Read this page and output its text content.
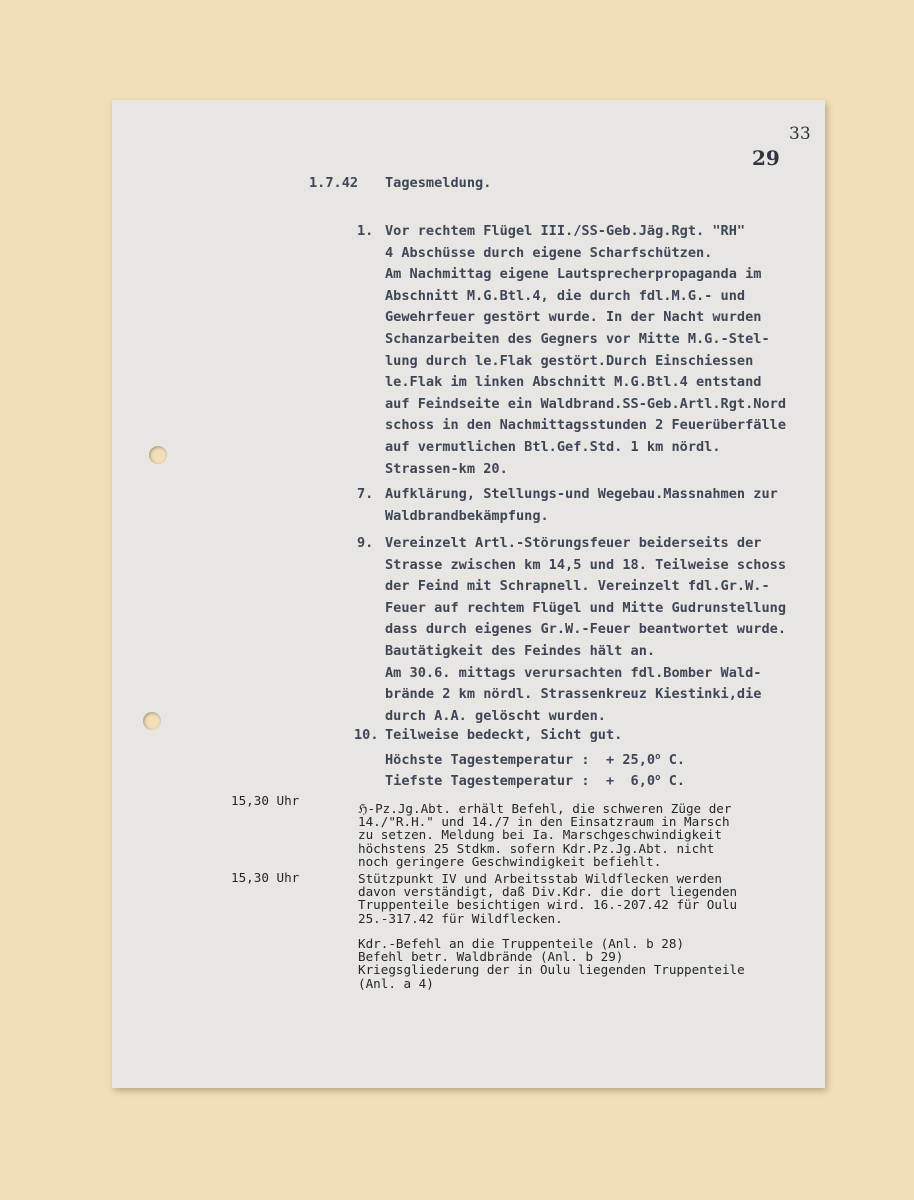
33
29
1.7.42 Tagesmeldung.
1. Vor rechtem Flügel III./SS-Geb.Jäg.Rgt. "RH"
4 Abschüsse durch eigene Scharfschützen.
Am Nachmittag eigene Lautsprecherpropaganda im
Abschnitt M.G.Btl.4, die durch fdl.M.G.- und
Gewehrfeuer gestört wurde. In der Nacht wurden
Schanzarbeiten des Gegners vor Mitte M.G.-Stel-
lung durch le.Flak gestört.Durch Einschiessen
le.Flak im linken Abschnitt M.G.Btl.4 entstand
auf Feindseite ein Waldbrand.SS-Geb.Artl.Rgt.Nord
schoss in den Nachmittagsstunden 2 Feuerüberfälle
auf vermutlichen Btl.Gef.Std. 1 km nördl.
Strassen-km 20.
7. Aufklärung, Stellungs-und Wegebau.Massnahmen zur
Waldbrandbekämpfung.
9. Vereinzelt Artl.-Störungsfeuer beiderseits der
Strasse zwischen km 14,5 und 18. Teilweise schoss
der Feind mit Schrapnell. Vereinzelt fdl.Gr.W.-
Feuer auf rechtem Flügel und Mitte Gudrunstellung
dass durch eigenes Gr.W.-Feuer beantwortet wurde.
Bautätigkeit des Feindes hält an.
Am 30.6. mittags verursachten fdl.Bomber Wald-
brände 2 km nördl. Strassenkreuz Kiestinki,die
durch A.A. gelöscht wurden.
10. Teilweise bedeckt, Sicht gut.
Höchste Tagestemperatur :  + $25,0^o$ C.
Tiefste Tagestemperatur :  +  6,0$^o$ C.
15,30 Uhr
ℌ-Pz.Jg.Abt. erhält Befehl, die schweren Züge der
14./"R.H." und 14./7 in den Einsatzraum in Marsch
zu setzen. Meldung bei Ia. Marschgeschwindigkeit
höchstens 25 Stdkm. sofern Kdr.Pz.Jg.Abt. nicht
noch geringere Geschwindigkeit befiehlt.
15,30 Uhr	Stützpunkt IV und Arbeitsstab Wildflecken werden
davon verständigt, daß Div.Kdr. die dort liegenden
Truppenteile besichtigen wird. 16.-207.42 für Oulu
25.-317.42 für Wildflecken.
Kdr.-Befehl an die Truppenteile (Anl. b 28)
Befehl betr. Waldbrände (Anl. b 29)
Kriegsgliederung der in Oulu liegenden Truppenteile
(Anl. a 4)
